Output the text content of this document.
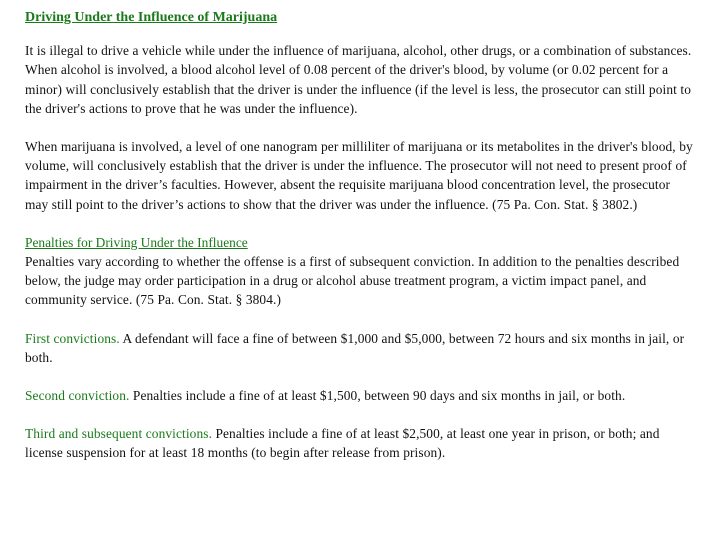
Driving Under the Influence of Marijuana

It is illegal to drive a vehicle while under the influence of marijuana, alcohol, other drugs, or a combination of substances. When alcohol is involved, a blood alcohol level of 0.08 percent of the driver's blood, by volume (or 0.02 percent for a minor) will conclusively establish that the driver is under the influence (if the level is less, the prosecutor can still point to the driver's actions to prove that he was under the influence).

When marijuana is involved, a level of one nanogram per milliliter of marijuana or its metabolites in the driver's blood, by volume, will conclusively establish that the driver is under the influence. The prosecutor will not need to present proof of impairment in the driver’s faculties. However, absent the requisite marijuana blood concentration level, the prosecutor may still point to the driver’s actions to show that the driver was under the influence. (75 Pa. Con. Stat. § 3802.)

Penalties for Driving Under the Influence

Penalties vary according to whether the offense is a first of subsequent conviction. In addition to the penalties described below, the judge may order participation in a drug or alcohol abuse treatment program, a victim impact panel, and community service. (75 Pa. Con. Stat. § 3804.)

First convictions. A defendant will face a fine of between $1,000 and $5,000, between 72 hours and six months in jail, or both.

Second conviction. Penalties include a fine of at least $1,500, between 90 days and six months in jail, or both.

Third and subsequent convictions. Penalties include a fine of at least $2,500, at least one year in prison, or both; and license suspension for at least 18 months (to begin after release from prison).
